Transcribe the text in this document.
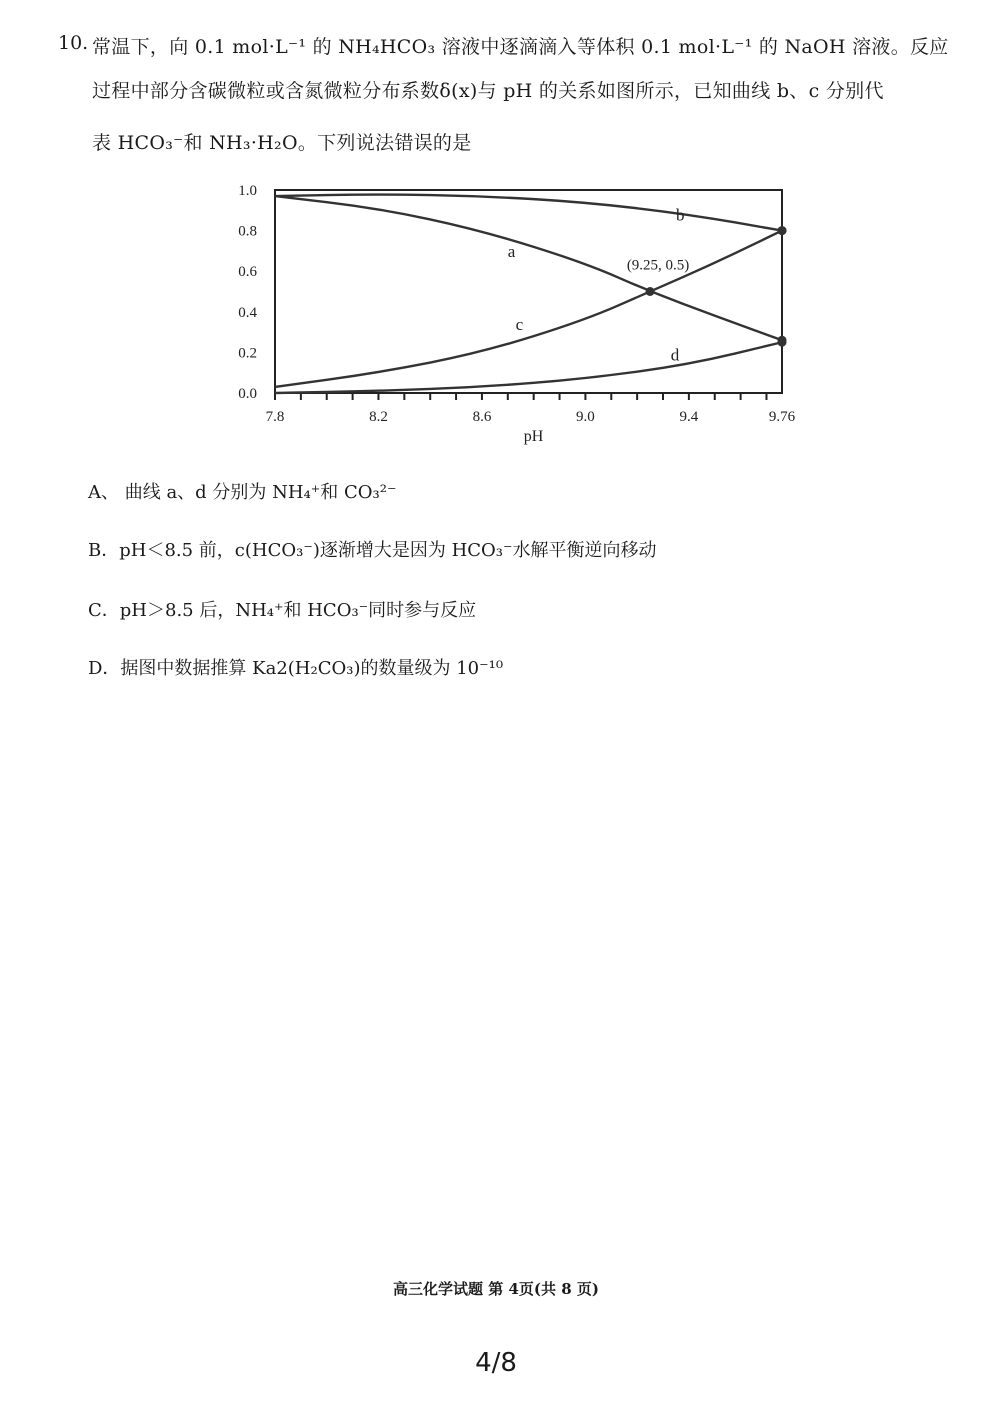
10. 常温下，向 0.1 mol·L⁻¹ 的 NH₄HCO₃ 溶液中逐滴滴入等体积 0.1 mol·L⁻¹ 的 NaOH 溶液。反应
过程中部分含碳微粒或含氮微粒分布系数δ(x)与 pH 的关系如图所示，已知曲线 b、c 分别代
表 HCO₃⁻和 NH₃·H₂O。下列说法错误的是
7.8	8.2	8.6	9.0	9.4	9.76
0.0
0.2
0.4
0.6
0.8
1.0
pH
a
b
c
d
(9.25, 0.5)
A、 曲线 a、d 分别为 NH₄⁺和 CO₃²⁻
B．pH＜8.5 前，c(HCO₃⁻)逐渐增大是因为 HCO₃⁻水解平衡逆向移动
C．pH＞8.5 后，NH₄⁺和 HCO₃⁻同时参与反应
D．据图中数据推算 Ka2(H₂CO₃)的数量级为 10⁻¹⁰
高三化学试题 第 4页(共 8 页)
4/8
